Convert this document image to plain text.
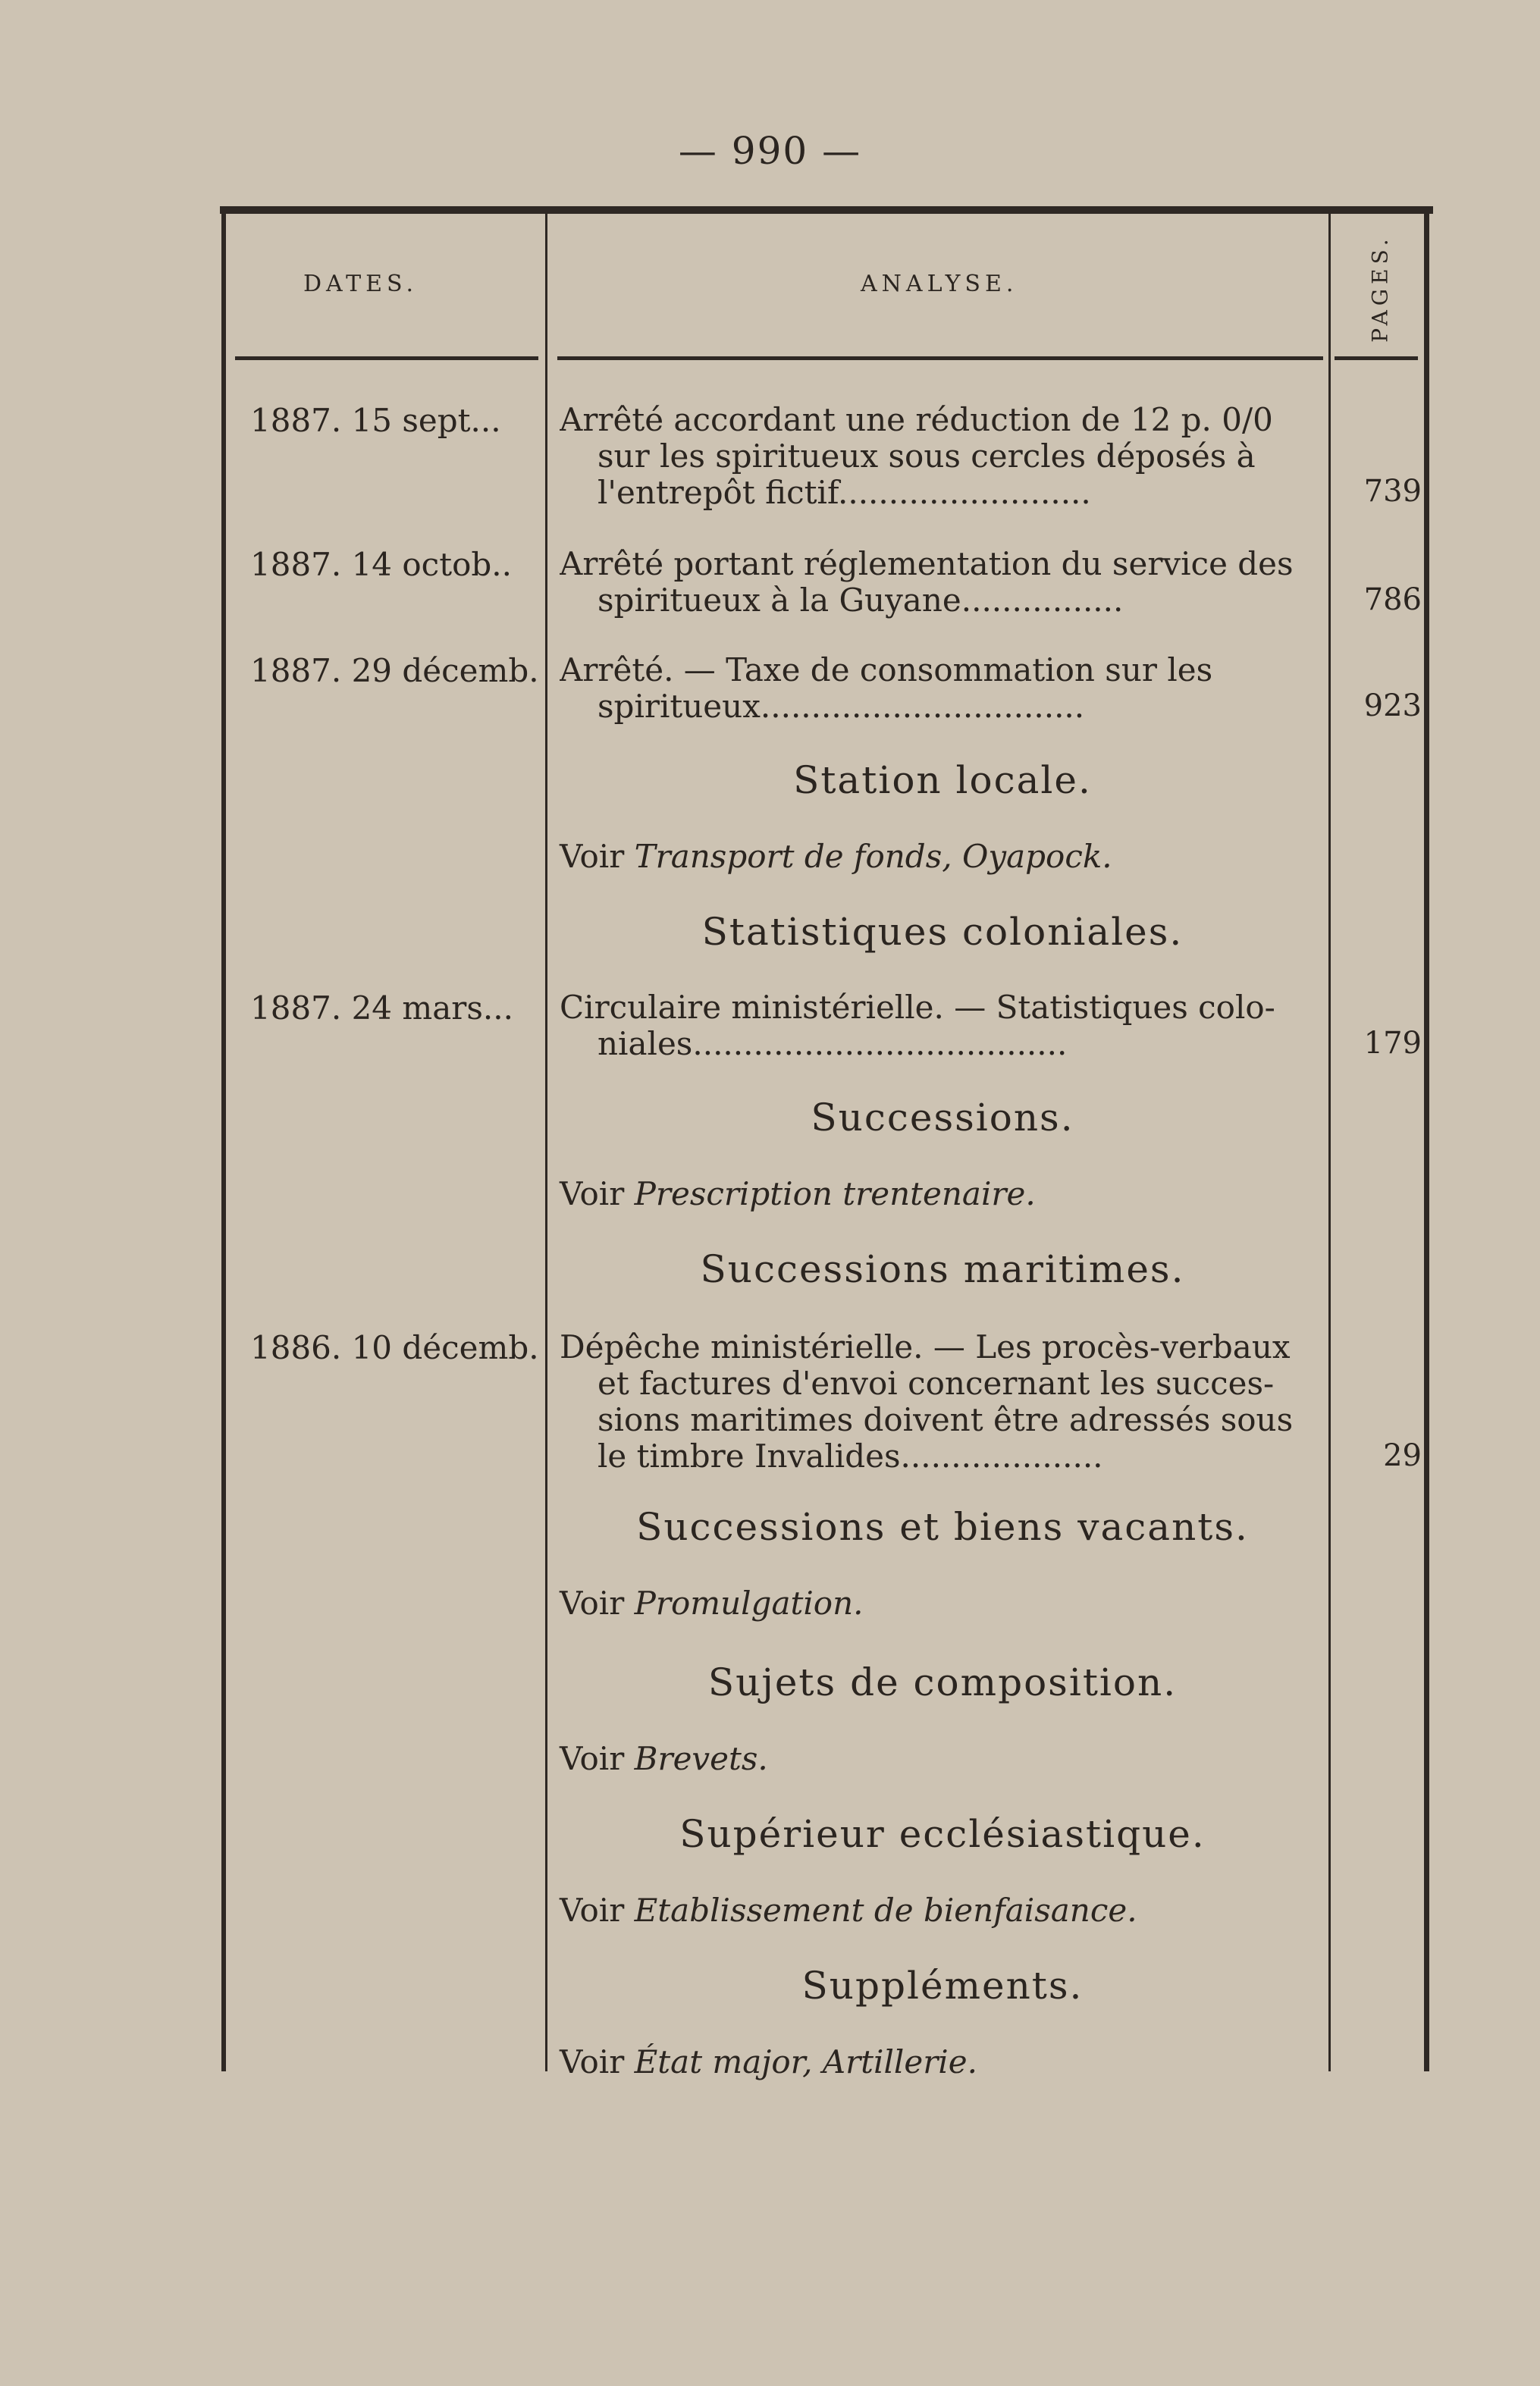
— 990 —
DATES.	ANALYSE.	PAGES.
1887. 15 sept...	Arrêté accordant une réduction de 12 p. 0/0
sur les spiritueux sous cercles déposés à
l'entrepôt fictif.........................	739
1887. 14 octob..	Arrêté portant réglementation du service des
spiritueux à la Guyane................	786
1887. 29 décemb. Arrêté. — Taxe de consommation sur les
spiritueux................................	923
Station locale.
Voir Transport de fonds, Oyapock.
Statistiques coloniales.
1887. 24 mars...	Circulaire ministérielle. — Statistiques colo-
niales.....................................	179
Successions.
Voir Prescription trentenaire.
Successions maritimes.
1886. 10 décemb. Dépêche ministérielle. — Les procès-verbaux
et factures d'envoi concernant les succes-
sions maritimes doivent être adressés sous
le timbre Invalides....................	29
Successions et biens vacants.
Voir Promulgation.
Sujets de composition.
Voir Brevets.
Supérieur ecclésiastique.
Voir Etablissement de bienfaisance.
Suppléments.
Voir État major, Artillerie.
